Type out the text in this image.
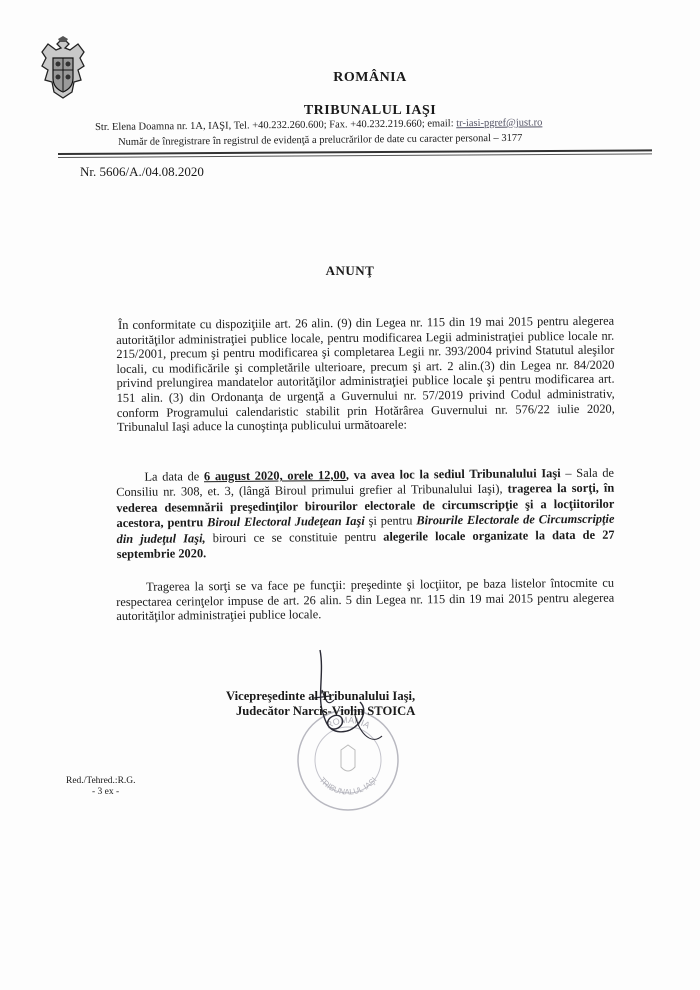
ROMÂNIA
TRIBUNALUL IAŞI
Str. Elena Doamna nr. 1A, IAŞI, Tel. +40.232.260.600; Fax. +40.232.219.660; email: tr-iasi-pgref@just.ro
Număr de înregistrare în registrul de evidenţă a prelucrărilor de date cu caracter personal – 3177
Nr. 5606/A./04.08.2020
ANUNŢ
În conformitate cu dispoziţiile art. 26 alin. (9) din Legea nr. 115 din 19 mai 2015 pentru alegerea autorităţilor administraţiei publice locale, pentru modificarea Legii administraţiei publice locale nr. 215/2001, precum şi pentru modificarea şi completarea Legii nr. 393/2004 privind Statutul aleşilor locali, cu modificările şi completările ulterioare, precum şi art. 2 alin.(3) din Legea nr. 84/2020 privind prelungirea mandatelor autorităţilor administraţiei publice locale şi pentru modificarea art. 151 alin. (3) din Ordonanţa de urgenţă a Guvernului nr. 57/2019 privind Codul administrativ, conform Programului calendaristic stabilit prin Hotărârea Guvernului nr. 576/22 iulie 2020, Tribunalul Iaşi aduce la cunoştinţa publicului următoarele:
La data de 6 august 2020, orele 12,00, va avea loc la sediul Tribunalului Iaşi – Sala de Consiliu nr. 308, et. 3, (lângă Biroul primului grefier al Tribunalului Iaşi), tragerea la sorţi, în vederea desemnării preşedinţilor birourilor electorale de circumscripţie şi a locţiitorilor acestora, pentru Biroul Electoral Judeţean Iaşi şi pentru Birourile Electorale de Circumscripţie din judeţul Iaşi, birouri ce se constituie pentru alegerile locale organizate la data de 27 septembrie 2020.
Tragerea la sorţi se va face pe funcţii: preşedinte şi locţiitor, pe baza listelor întocmite cu respectarea cerinţelor impuse de art. 26 alin. 5 din Legea nr. 115 din 19 mai 2015 pentru alegerea autorităţilor administraţiei publice locale.
ROMÂNIA
TRIBUNALUL IAŞI
Vicepreşedinte al Tribunalului Iaşi,
Judecător Narcis-Violin STOICA
Red./Tehred.:R.G.
- 3 ex -
